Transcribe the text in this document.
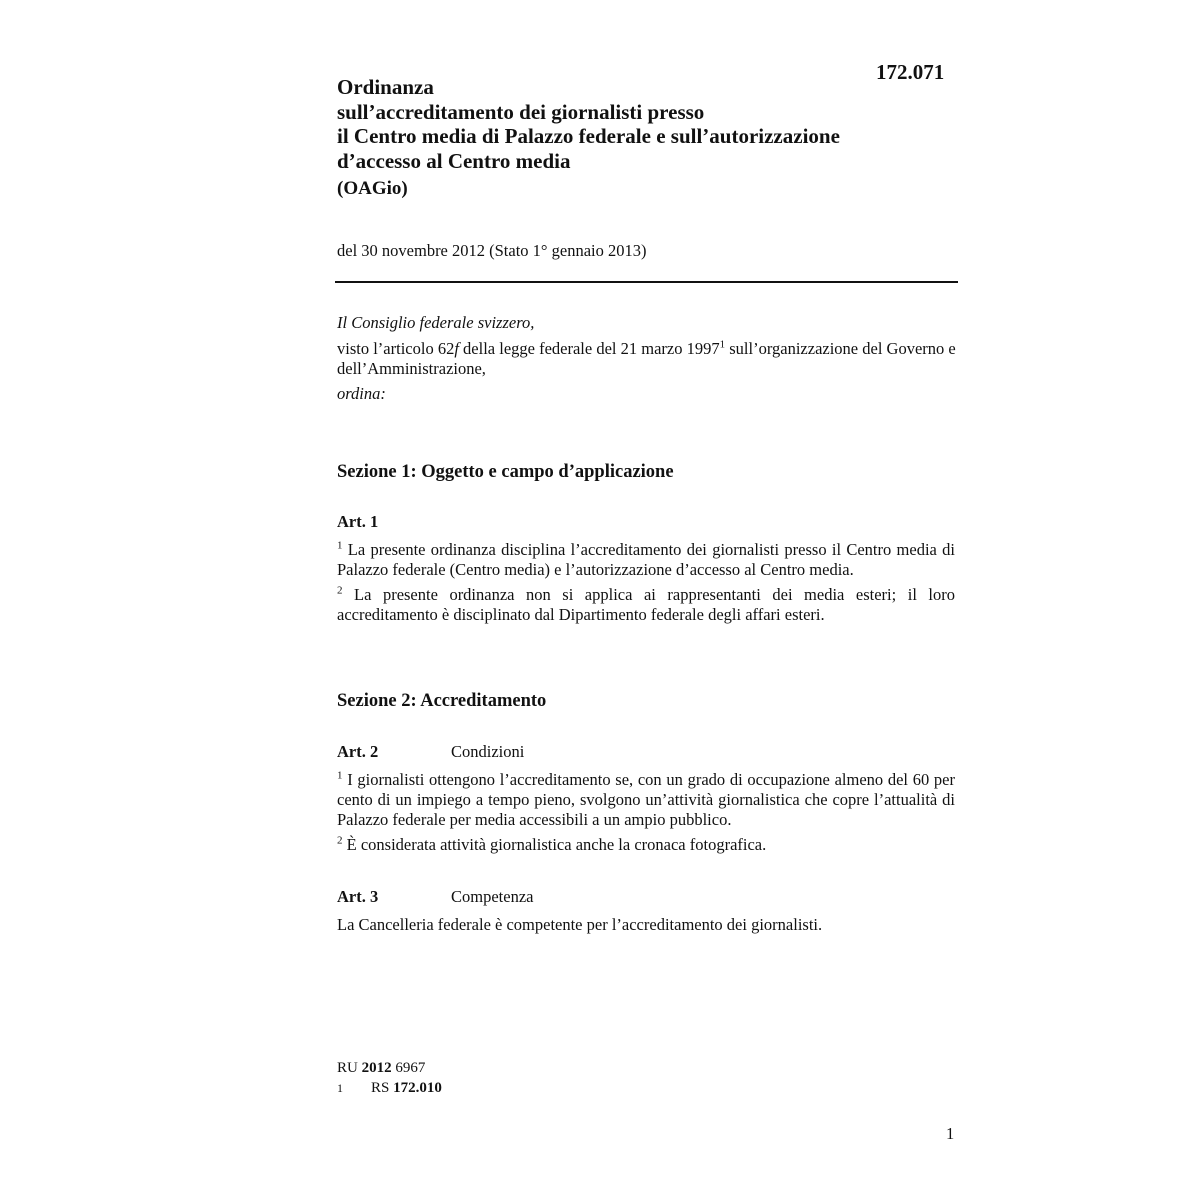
172.071
Ordinanza
sull’accreditamento dei giornalisti presso
il Centro media di Palazzo federale e sull’autorizzazione
d’accesso al Centro media
(OAGio)
del 30 novembre 2012 (Stato 1° gennaio 2013)

Il Consiglio federale svizzero,

visto l’articolo 62f della legge federale del 21 marzo 1997$^1$ sull’organizzazione del Governo e dell’Amministrazione,

ordina:

Sezione 1: Oggetto e campo d’applicazione
Art. 1

$^1$ La presente ordinanza disciplina l’accreditamento dei giornalisti presso il Centro media di Palazzo federale (Centro media) e l’autorizzazione d’accesso al Centro media.

$^2$ La presente ordinanza non si applica ai rappresentanti dei media esteri; il loro accreditamento è disciplinato dal Dipartimento federale degli affari esteri.

Sezione 2: Accreditamento
Art. 2	Condizioni

$^1$ I giornalisti ottengono l’accreditamento se, con un grado di occupazione almeno del 60 per cento di un impiego a tempo pieno, svolgono un’attività giornalistica che copre l’attualità di Palazzo federale per media accessibili a un ampio pubblico.

$^2$ È considerata attività giornalistica anche la cronaca fotografica.

Art. 3	Competenza

La Cancelleria federale è competente per l’accreditamento dei giornalisti.

RU 2012 6967
1 RS 172.010
1
